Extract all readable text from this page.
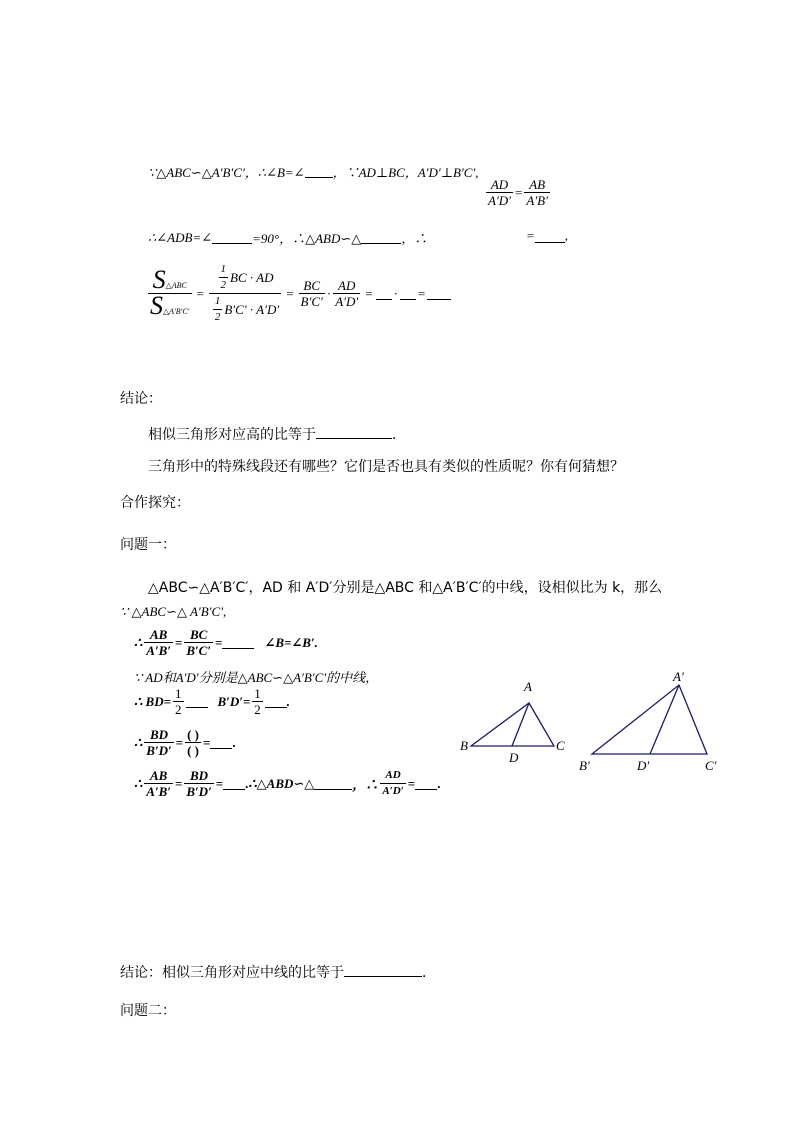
∵△ABC∽△A′B′C′，∴∠B=∠ ，∵AD⊥BC，A′D′⊥B′C′,
$\frac{AD}{A'D'} = \frac{AB}{A'B'}$
∴∠ADB=∠	=90°，∴△ABD∽△	，∴	= ,
$\frac{\text{S△ABC}}{S\triangle A'B'C'} = \frac{\frac{1}{2} BC \cdot AD}{\frac{1}{2} B'C' \cdot A'D'} = \frac{BC}{B'C'} \cdot \frac{AD}{A'D'}$ = · =
结论：
相似三角形对应高的比等于	．
三角形中的特殊线段还有哪些？它们是否也具有类似的性质呢？你有何猜想？
合作探究：
问题一：
△ABC∽△A′B′C′，AD 和 A′D′分别是△ABC 和△A′B′C′的中线，设相似比为 k，那么
∵ △ABC∽△ A′B′C′,
∴ $\frac{AB}{A'B'} = \frac{BC}{B'C'}$ =	∠B=∠B′.
∵ AD和A′D′分别是△ABC∽△A′B′C′的中线，
∴ $BD= \frac{1}{2}$	$B'D'= \frac{1}{2}$ .
∴ $\frac{BD}{B'D'} = \frac{( )}{( )}$ = .
∴ $\frac{AB}{A'B'} = \frac{BD}{B'D'}$ = . ∴△ABD∽△	，∴ $\frac{AD}{A'D'}$ = .
A
B	C
D
A′
B′	C′
D′
结论：相似三角形对应中线的比等于	．
问题二：
